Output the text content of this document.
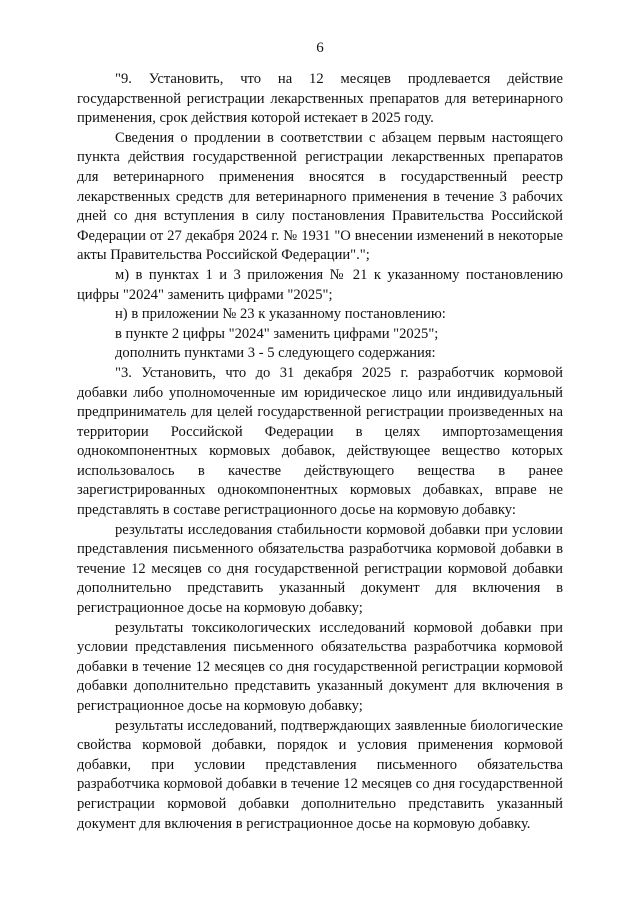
6

"9. Установить, что на 12 месяцев продлевается действие государственной регистрации лекарственных препаратов для ветеринарного применения, срок действия которой истекает в 2025 году.

Сведения о продлении в соответствии с абзацем первым настоящего пункта действия государственной регистрации лекарственных препаратов для ветеринарного применения вносятся в государственный реестр лекарственных средств для ветеринарного применения в течение 3 рабочих дней со дня вступления в силу постановления Правительства Российской Федерации от 27 декабря 2024 г. № 1931 "О внесении изменений в некоторые акты Правительства Российской Федерации".";

м) в пунктах 1 и 3 приложения № 21 к указанному постановлению цифры "2024" заменить цифрами "2025";

н) в приложении № 23 к указанному постановлению:

в пункте 2 цифры "2024" заменить цифрами "2025";

дополнить пунктами 3 - 5 следующего содержания:

"3. Установить, что до 31 декабря 2025 г. разработчик кормовой добавки либо уполномоченные им юридическое лицо или индивидуальный предприниматель для целей государственной регистрации произведенных на территории Российской Федерации в целях импортозамещения однокомпонентных кормовых добавок, действующее вещество которых использовалось в качестве действующего вещества в ранее зарегистрированных однокомпонентных кормовых добавках, вправе не представлять в составе регистрационного досье на кормовую добавку:

результаты исследования стабильности кормовой добавки при условии представления письменного обязательства разработчика кормовой добавки в течение 12 месяцев со дня государственной регистрации кормовой добавки дополнительно представить указанный документ для включения в регистрационное досье на кормовую добавку;

результаты токсикологических исследований кормовой добавки при условии представления письменного обязательства разработчика кормовой добавки в течение 12 месяцев со дня государственной регистрации кормовой добавки дополнительно представить указанный документ для включения в регистрационное досье на кормовую добавку;

результаты исследований, подтверждающих заявленные биологические свойства кормовой добавки, порядок и условия применения кормовой добавки, при условии представления письменного обязательства разработчика кормовой добавки в течение 12 месяцев со дня государственной регистрации кормовой добавки дополнительно представить указанный документ для включения в регистрационное досье на кормовую добавку.
